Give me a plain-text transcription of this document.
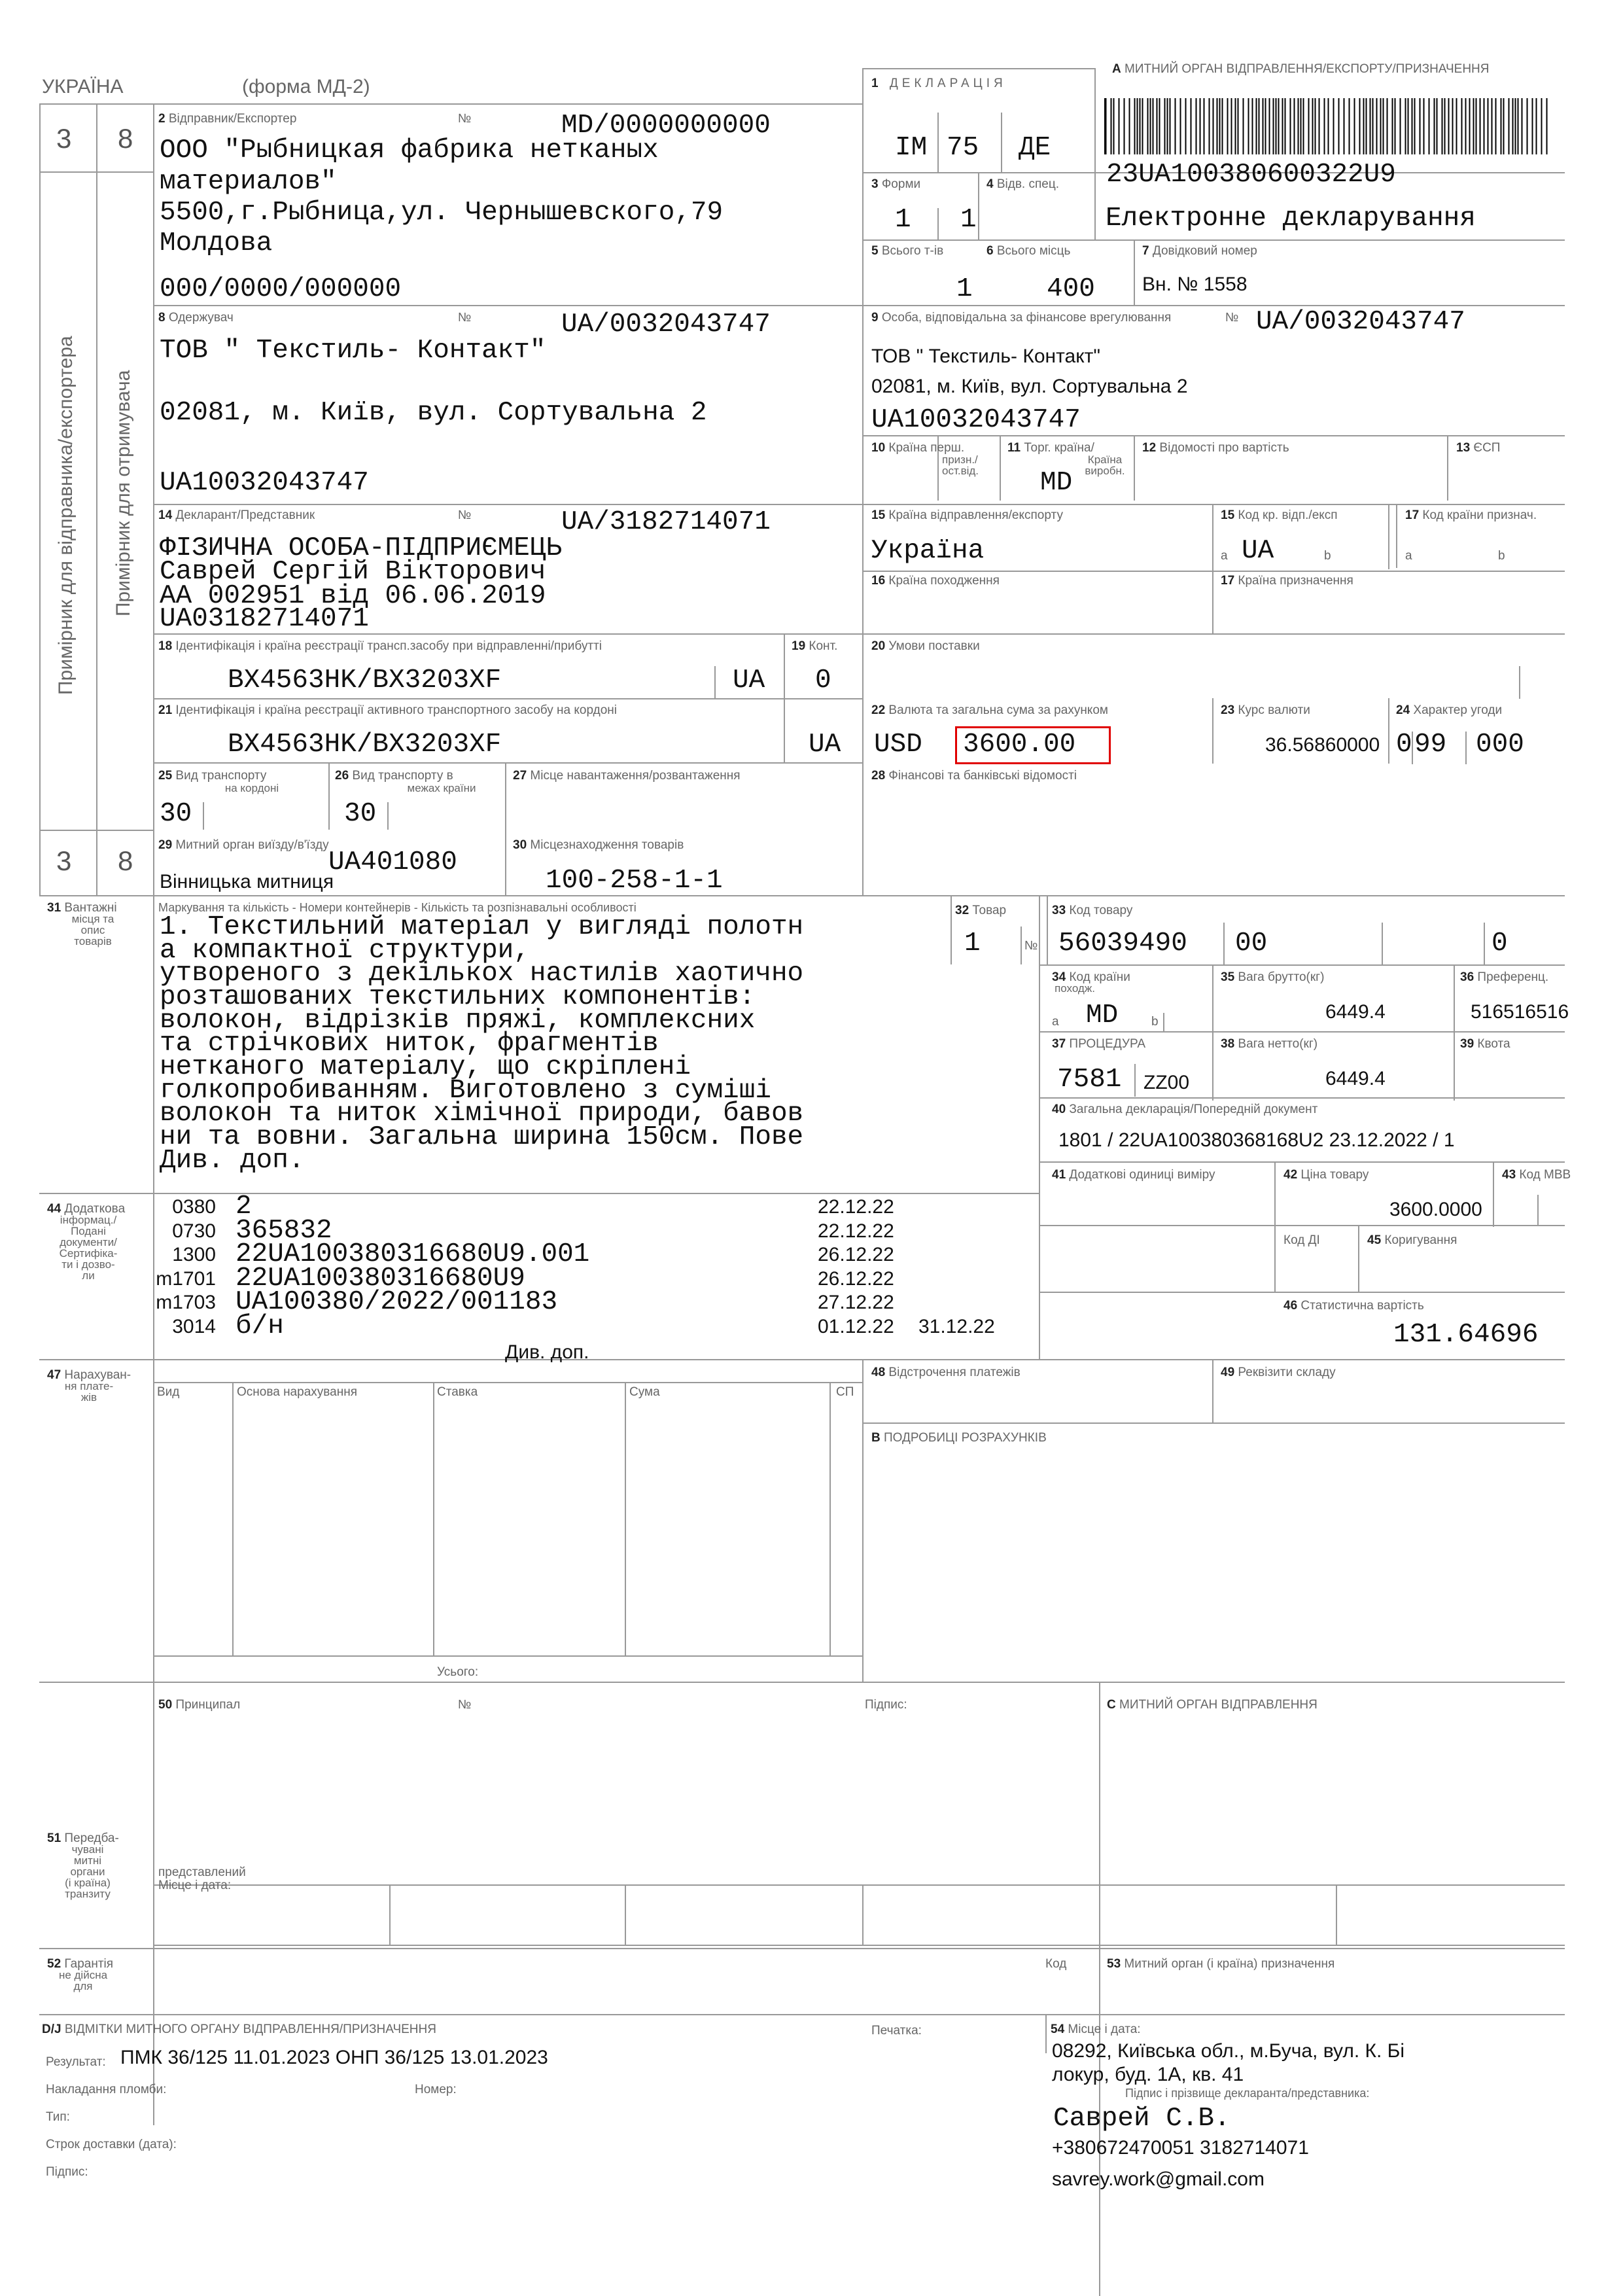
УКРАЇНА	(форма МД-2)	1 ДЕКЛАРАЦІЯ
IM 75 ДЕ
A МИТНИЙ ОРГАН ВІДПРАВЛЕННЯ/ЕКСПОРТУ/ПРИЗНАЧЕННЯ
23UA100380600322U9
Електронне декларування
3 8
3 8
Примірник для відправника/експортера Примірник для отримувача
2 Відправник/Експортер	№	MD/0000000000
ООО "Рыбницкая фабрика нетканых
материалов"
5500,г.Рыбница,ул. Чернышевского,79
Молдова
000/0000/000000
3 Форми
1 1
4 Відв. спец.
5 Всього т-ів
1
6 Всього місць
400
7 Довідковий номер
Вн. № 1558
8 Одержувач	№	UA/0032043747
ТОВ " Текстиль- Контакт"
02081, м. Київ, вул. Сортувальна 2
UA10032043747
9 Особа, відповідальна за фінансове врегулювання	№ UA/0032043747
ТОВ " Текстиль- Контакт"
02081, м. Київ, вул. Сортувальна 2
UA10032043747
10 Країна перш.
призн./
ост.від.
11 Торг. країна/
Країна
виробн.
MD
12 Відомості про вартість	13 ЄСП
14 Декларант/Представник	№	UA/3182714071
ФІЗИЧНА ОСОБА-ПІДПРИЄМЕЦЬ
Саврей Сергій Вікторович
АА 002951 від 06.06.2019
UA03182714071
15 Країна відправлення/експорту
Україна
15 Код кр. відп./експ
a UA	b
17 Код країни признач.
a	b
16 Країна походження	17 Країна призначення
18 Ідентифікація і країна реєстрації трансп.засобу при відправленні/прибутті
BX4563HK/BX3203XF	UA
19 Конт.
0
20 Умови поставки
21 Ідентифікація і країна реєстрації активного транспортного засобу на кордоні
BX4563HK/BX3203XF	UA
22 Валюта та загальна сума за рахунком
USD 3600.00
23 Курс валюти
36.56860000
24 Характер угоди
0 99 000
25 Вид транспорту
на кордоні
30
26 Вид транспорту в
межах країни
30
27 Місце навантаження/розвантаження	28 Фінансові та банківські відомості
29 Митний орган виїзду/в'їзду
UA401080
Вінницька митниця
30 Місцезнаходження товарів
100-258-1-1
31 Вантажні
місця та
опис
товарів
Маркування та кількість - Номери контейнерів - Кількість та розпізнавальні особливості
1. Текстильний матеріал у вигляді полотн
а компактної структури,
утвореного з декількох настилів хаотично
розташованих текстильних компонентів:
волокон, відрізків пряжі, комплексних
та стрічкових ниток, фрагментів
нетканого матеріалу, що скріплені
голкопробиванням. Виготовлено з суміші
волокон та ниток хімічної природи, бавов
ни та вовни. Загальна ширина 150см. Пове
Див. доп.
32 Товар
1	№
33 Код товару
56039490 00	0
34 Код країни
походж.
a MD	b
35 Вага брутто(кг)
6449.4
36 Преференц.
516516516
37 ПРОЦЕДУРА
7581 ZZ00
38 Вага нетто(кг)
6449.4
39 Квота
40 Загальна декларація/Попередній документ
1801 / 22UA100380368168U2 23.12.2022 / 1
41 Додаткові одиниці виміру	42 Ціна товару
3600.0000
43 Код МВВ
44 Додаткова
інформац./
Подані
документи/
Сертифіка-
ти і дозво-
ли
0380 2	22.12.22
0730 365832	22.12.22
1300 22UA100380316680U9.001	26.12.22
m1701 22UA100380316680U9	26.12.22
m1703 UA100380/2022/001183	27.12.22
3014 б/н	01.12.22 31.12.22
Див. доп.
Код ДІ	45 Коригування
46 Статистична вартість
131.64696
47 Нарахуван-
ня плате-
жів	Вид	Основа нарахування	Ставка	Сума	СП
Усього:
48 Відстрочення платежів	49 Реквізити складу
B ПОДРОБИЦІ РОЗРАХУНКІВ
50 Принципал	№	Підпис:
представлений
Місце і дата:
C МИТНИЙ ОРГАН ВІДПРАВЛЕННЯ
51 Передба-
чувані
митні
органи
(і країна)
транзиту
52 Гарантія
не дійсна
для
Код	53 Митний орган (і країна) призначення
D/J ВІДМІТКИ МИТНОГО ОРГАНУ ВІДПРАВЛЕННЯ/ПРИЗНАЧЕННЯ
Результат: ПМК 36/125 11.01.2023 ОНП 36/125 13.01.2023
Печатка:
Накладання пломби:	Номер:
Тип:
Строк доставки (дата):
Підпис:
54 Місце і дата:
08292, Київська обл., м.Буча, вул. К. Бі
локур, буд. 1А, кв. 41
Підпис і прізвище декларанта/представника:
Саврей С.В.
+380672470051 3182714071
savrey.work@gmail.com
